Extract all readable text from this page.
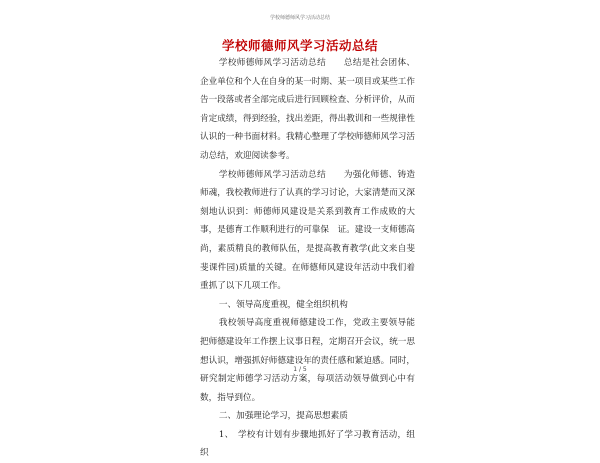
学校师德师风学习活动总结
学校师德师风学习活动总结

学校师德师风学习活动总结　　总结是社会团体、企业单位和个人在自身的某一时期、某一项目或某些工作告一段落或者全部完成后进行回顾检查、分析评价，从而肯定成绩，得到经验，找出差距，得出教训和一些规律性认识的一种书面材料。我精心整理了学校师德师风学习活动总结，欢迎阅读参考。

学校师德师风学习活动总结　　为强化师德、铸造师魂，我校教师进行了认真的学习讨论，大家清楚而又深刻地认识到：师德师风建设是关系到教育工作成败的大事，是德育工作顺利进行的可靠保　证。建设一支师德高尚，素质精良的教师队伍，是提高教育教学(此文来自斐斐课件园)质量的关键。在师德师风建设年活动中我们着重抓了以下几项工作。

一、领导高度重视，健全组织机构

我校领导高度重视师德建设工作，党政主要领导能把师德建设年工作摆上议事日程，定期召开会议，统一思想认识，增强抓好师德建设年的责任感和紧迫感。同时，研究制定师德学习活动方案，每项活动领导做到心中有数，指导到位。

二、加强理论学习，提高思想素质

1、　学校有计划有步骤地抓好了学习教育活动，组织

1 / 5
